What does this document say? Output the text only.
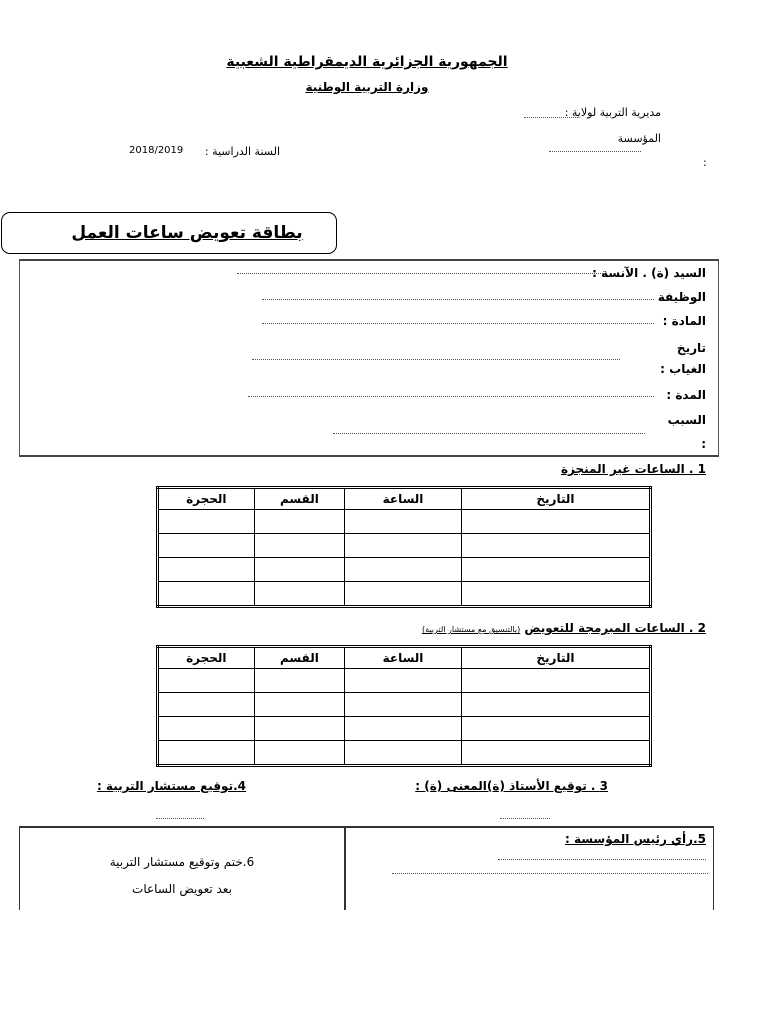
الجمهورية الجزائرية الديمقراطية الشعبية
وزارة التربية الوطنية
مديرية التربية لولاية :
المؤسسة
:
السنة الدراسية :
2018/2019
بطاقة تعويض ساعات العمل
السيد (ة) . الآنسة :
الوظيفة
المادة :
تاريخ
الغياب :
المدة :
السبب
:
1 . الساعات غير المنجزة
التاريخ	الساعة	القسم	الحجرة

2 . الساعات المبرمجة للتعويض (بالتنسيق مع مستشار التربية)
التاريخ	الساعة	القسم	الحجرة

3 . توقيع الأستاذ (ة)المعنى (ة) :
4.توقيع مستشار التربية :
5.رأي رئيس المؤسسة :
6.ختم وتوقيع مستشار التربية
بعد تعويض الساعات
